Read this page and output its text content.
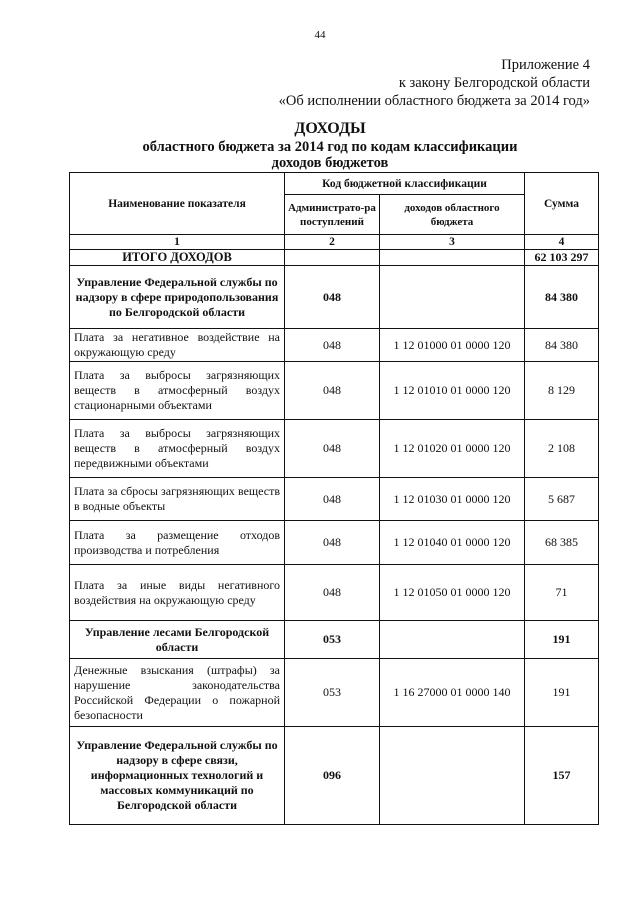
44
Приложение 4
к закону Белгородской области
«Об исполнении областного бюджета за 2014 год»
ДОХОДЫ
областного бюджета за 2014 год по кодам классификации
доходов бюджетов
Наименование показателя	Код бюджетной классификации		Сумма
	Администрато-ра поступлений	доходов областного бюджета	
1	2	3	4
ИТОГО ДОХОДОВ			62 103 297
Управление Федеральной службы по надзору в сфере природопользования по Белгородской области	048		84 380
Плата за негативное воздействие на окружающую среду	048	1 12 01000 01 0000 120	84 380
Плата за выбросы загрязняющих веществ в атмосферный воздух стационарными объектами	048	1 12 01010 01 0000 120	8 129
Плата за выбросы загрязняющих веществ в атмосферный воздух передвижными объектами	048	1 12 01020 01 0000 120	2 108
Плата за сбросы загрязняющих веществ в водные объекты	048	1 12 01030 01 0000 120	5 687
Плата за размещение отходов производства и потребления	048	1 12 01040 01 0000 120	68 385
Плата за иные виды негативного воздействия на окружающую среду	048	1 12 01050 01 0000 120	71
Управление лесами Белгородской области	053		191
Денежные взыскания (штрафы) за нарушение законодательства Российской Федерации о пожарной безопасности	053	1 16 27000 01 0000 140	191
Управление Федеральной службы по надзору в сфере связи, информационных технологий и массовых коммуникаций по Белгородской области	096		157
